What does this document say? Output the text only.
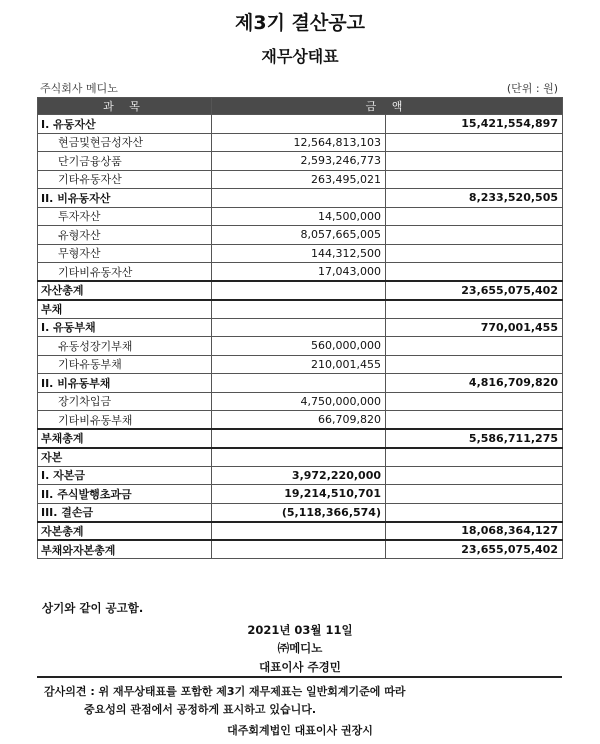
제3기 결산공고
재무상태표
주식회사 메디노	(단위 : 원)
과 목	금 액	
I. 유동자산		15,421,554,897
현금및현금성자산	12,564,813,103	
단기금융상품	2,593,246,773	
기타유동자산	263,495,021	
II. 비유동자산		8,233,520,505
투자자산	14,500,000	
유형자산	8,057,665,005	
무형자산	144,312,500	
기타비유동자산	17,043,000	
자산총계		23,655,075,402
부채		
I. 유동부채		770,001,455
유동성장기부채	560,000,000	
기타유동부채	210,001,455	
II. 비유동부채		4,816,709,820
장기차입금	4,750,000,000	
기타비유동부채	66,709,820	
부채총계		5,586,711,275
자본		
I. 자본금	3,972,220,000	
II. 주식발행초과금	19,214,510,701	
III. 결손금	(5,118,366,574)	
자본총계		18,068,364,127
부채와자본총계		23,655,075,402
상기와 같이 공고함.
2021년 03월 11일
㈜메디노
대표이사 주경민
감사의견 : 위 재무상태표를 포함한 제3기 재무제표는 일반회계기준에 따라
중요성의 관점에서 공정하게 표시하고 있습니다.
대주회계법인 대표이사 권장시
